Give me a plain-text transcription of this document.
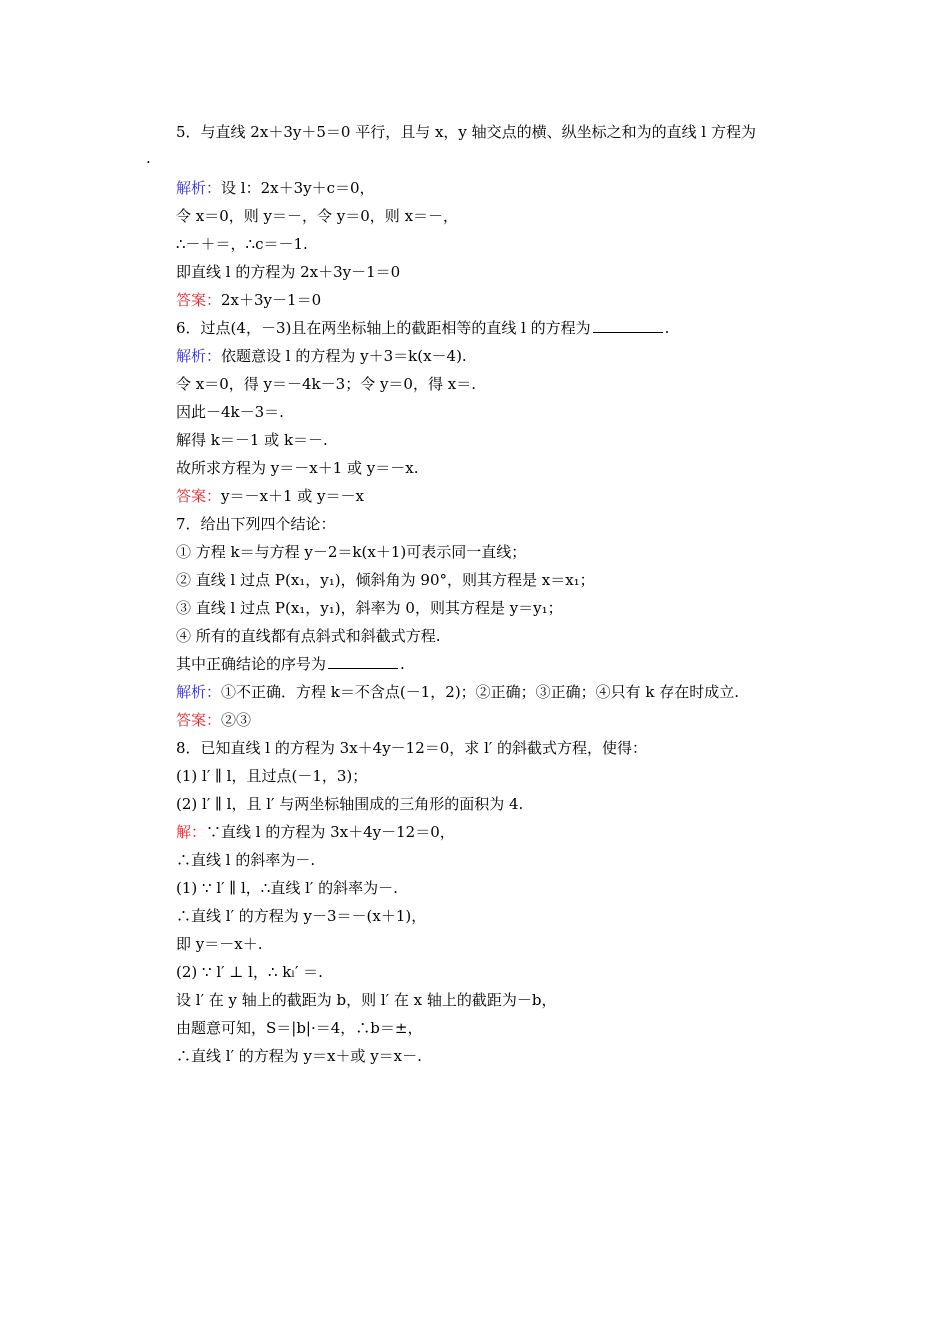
5．与直线 2x＋3y＋5＝0 平行，且与 x，y 轴交点的横、纵坐标之和为的直线 l 方程为
.
解析：设 l：2x＋3y＋c＝0，
令 x＝0，则 y＝－，令 y＝0，则 x＝－，
∴－＋＝，∴c＝－1.
即直线 l 的方程为 2x＋3y－1＝0
答案：2x＋3y－1＝0
6．过点(4，－3)且在两坐标轴上的截距相等的直线 l 的方程为	.
解析：依题意设 l 的方程为 y＋3＝k(x－4).
令 x＝0，得 y＝－4k－3；令 y＝0，得 x＝.
因此－4k－3＝.
解得 k＝－1 或 k＝－.
故所求方程为 y＝－x＋1 或 y＝－x.
答案：y＝－x＋1 或 y＝－x
7．给出下列四个结论：
① 方程 k＝与方程 y－2＝k(x＋1)可表示同一直线；
② 直线 l 过点 P(x₁，y₁)，倾斜角为 90°，则其方程是 x＝x₁；
③ 直线 l 过点 P(x₁，y₁)，斜率为 0，则其方程是 y＝y₁；
④ 所有的直线都有点斜式和斜截式方程.
其中正确结论的序号为	.
解析：①不正确．方程 k＝不含点(－1，2)；②正确；③正确；④只有 k 存在时成立.
答案：②③
8．已知直线 l 的方程为 3x＋4y－12＝0，求 l′ 的斜截式方程，使得：
(1) l′ ∥ l，且过点(－1，3)；
(2) l′ ∥ l，且 l′ 与两坐标轴围成的三角形的面积为 4.
解：∵直线 l 的方程为 3x＋4y－12＝0，
∴直线 l 的斜率为－.
(1) ∵ l′ ∥ l，∴直线 l′ 的斜率为－.
∴直线 l′ 的方程为 y－3＝－(x＋1)，
即 y＝－x＋.
(2) ∵ l′ ⊥ l，∴ kₗ′ ＝.
设 l′ 在 y 轴上的截距为 b，则 l′ 在 x 轴上的截距为－b，
由题意可知，S＝|b|·＝4，∴b＝±，
∴直线 l′ 的方程为 y＝x＋或 y＝x－.
